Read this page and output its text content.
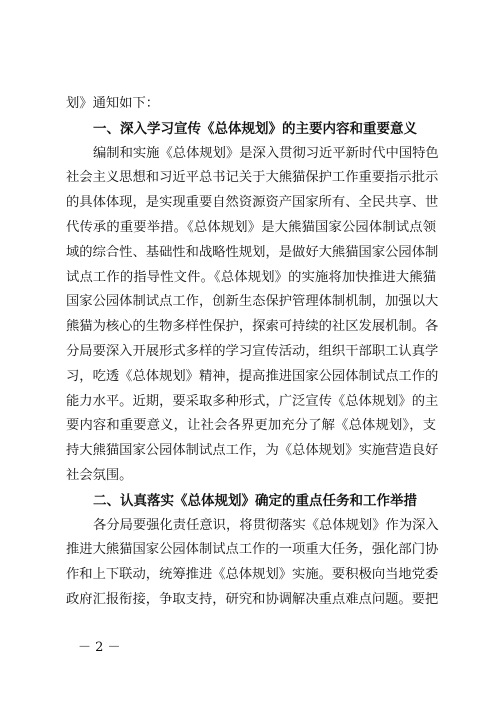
划》通知如下：
一、深入学习宣传《总体规划》的主要内容和重要意义
编制和实施《总体规划》是深入贯彻习近平新时代中国特色
社会主义思想和习近平总书记关于大熊猫保护工作重要指示批示
的具体体现，是实现重要自然资源资产国家所有、全民共享、世
代传承的重要举措。《总体规划》是大熊猫国家公园体制试点领
域的综合性、基础性和战略性规划，是做好大熊猫国家公园体制
试点工作的指导性文件。《总体规划》的实施将加快推进大熊猫
国家公园体制试点工作，创新生态保护管理体制机制，加强以大
熊猫为核心的生物多样性保护，探索可持续的社区发展机制。各
分局要深入开展形式多样的学习宣传活动，组织干部职工认真学
习，吃透《总体规划》精神，提高推进国家公园体制试点工作的
能力水平。近期，要采取多种形式，广泛宣传《总体规划》的主
要内容和重要意义，让社会各界更加充分了解《总体规划》，支
持大熊猫国家公园体制试点工作，为《总体规划》实施营造良好
社会氛围。
二、认真落实《总体规划》确定的重点任务和工作举措
各分局要强化责任意识，将贯彻落实《总体规划》作为深入
推进大熊猫国家公园体制试点工作的一项重大任务，强化部门协
作和上下联动，统筹推进《总体规划》实施。要积极向当地党委
政府汇报衔接，争取支持，研究和协调解决重点难点问题。要把
－ 2 －
